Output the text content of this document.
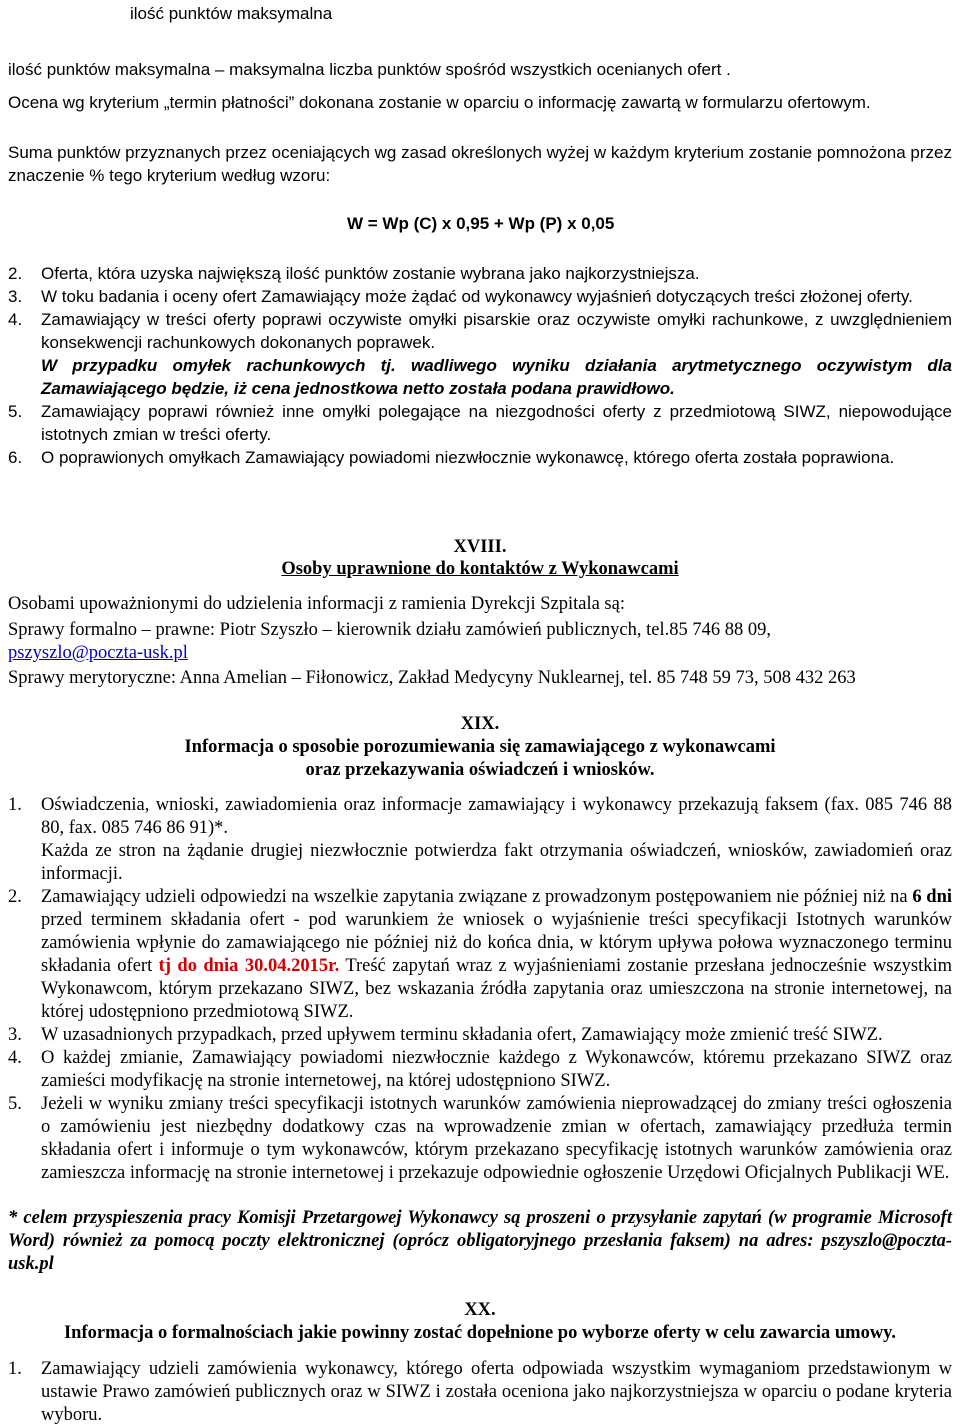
ilość punktów maksymalna
ilość punktów maksymalna – maksymalna liczba punktów spośród wszystkich ocenianych ofert .
Ocena wg kryterium „termin płatności” dokonana zostanie w oparciu o informację zawartą w formularzu ofertowym.
Suma punktów przyznanych przez oceniających wg zasad określonych wyżej w każdym kryterium zostanie pomnożona przez znaczenie % tego kryterium według wzoru:
W = Wp (C) x 0,95 + Wp (P) x 0,05
2. Oferta, która uzyska największą ilość punktów zostanie wybrana jako najkorzystniejsza.

3. W toku badania i oceny ofert Zamawiający może żądać od wykonawcy wyjaśnień dotyczących treści złożonej oferty.

4. Zamawiający w treści oferty poprawi oczywiste omyłki pisarskie oraz oczywiste omyłki rachunkowe, z uwzględnieniem konsekwencji rachunkowych dokonanych poprawek.

W przypadku omyłek rachunkowych tj. wadliwego wyniku działania arytmetycznego oczywistym dla Zamawiającego będzie, iż cena jednostkowa netto została podana prawidłowo.

5. Zamawiający poprawi również inne omyłki polegające na niezgodności oferty z przedmiotową SIWZ, niepowodujące istotnych zmian w treści oferty.

6. O poprawionych omyłkach Zamawiający powiadomi niezwłocznie wykonawcę, którego oferta została poprawiona.

XVIII.
Osoby uprawnione do kontaktów z Wykonawcami
Osobami upoważnionymi do udzielenia informacji z ramienia Dyrekcji Szpitala są:
Sprawy formalno – prawne: Piotr Szyszło – kierownik działu zamówień publicznych, tel.85 746 88 09,
pszyszlo@poczta-usk.pl
Sprawy merytoryczne: Anna Amelian – Fiłonowicz, Zakład Medycyny Nuklearnej, tel. 85 748 59 73, 508 432 263
XIX.
Informacja o sposobie porozumiewania się zamawiającego z wykonawcami
oraz przekazywania oświadczeń i wniosków.
1. Oświadczenia, wnioski, zawiadomienia oraz informacje zamawiający i wykonawcy przekazują faksem (fax. 085 746 88 80, fax. 085 746 86 91)*.

Każda ze stron na żądanie drugiej niezwłocznie potwierdza fakt otrzymania oświadczeń, wniosków, zawiadomień oraz informacji.

2. Zamawiający udzieli odpowiedzi na wszelkie zapytania związane z prowadzonym postępowaniem nie później niż na 6 dni przed terminem składania ofert - pod warunkiem że wniosek o wyjaśnienie treści specyfikacji Istotnych warunków zamówienia wpłynie do zamawiającego nie później niż do końca dnia, w którym upływa połowa wyznaczonego terminu składania ofert tj do dnia 30.04.2015r. Treść zapytań wraz z wyjaśnieniami zostanie przesłana jednocześnie wszystkim Wykonawcom, którym przekazano SIWZ, bez wskazania źródła zapytania oraz umieszczona na stronie internetowej, na której udostępniono przedmiotową SIWZ.

3. W uzasadnionych przypadkach, przed upływem terminu składania ofert, Zamawiający może zmienić treść SIWZ.

4. O każdej zmianie, Zamawiający powiadomi niezwłocznie każdego z Wykonawców, któremu przekazano SIWZ oraz zamieści modyfikację na stronie internetowej, na której udostępniono SIWZ.

5. Jeżeli w wyniku zmiany treści specyfikacji istotnych warunków zamówienia nieprowadzącej do zmiany treści ogłoszenia o zamówieniu jest niezbędny dodatkowy czas na wprowadzenie zmian w ofertach, zamawiający przedłuża termin składania ofert i informuje o tym wykonawców, którym przekazano specyfikację istotnych warunków zamówienia oraz zamieszcza informację na stronie internetowej i przekazuje odpowiednie ogłoszenie Urzędowi Oficjalnych Publikacji WE.

* celem przyspieszenia pracy Komisji Przetargowej Wykonawcy są proszeni o przysyłanie zapytań (w programie Microsoft Word) również za pomocą poczty elektronicznej (oprócz obligatoryjnego przesłania faksem) na adres: pszyszlo@poczta-usk.pl
XX.
Informacja o formalnościach jakie powinny zostać dopełnione po wyborze oferty w celu zawarcia umowy.
1. Zamawiający udzieli zamówienia wykonawcy, którego oferta odpowiada wszystkim wymaganiom przedstawionym w ustawie Prawo zamówień publicznych oraz w SIWZ i została oceniona jako najkorzystniejsza w oparciu o podane kryteria wyboru.
